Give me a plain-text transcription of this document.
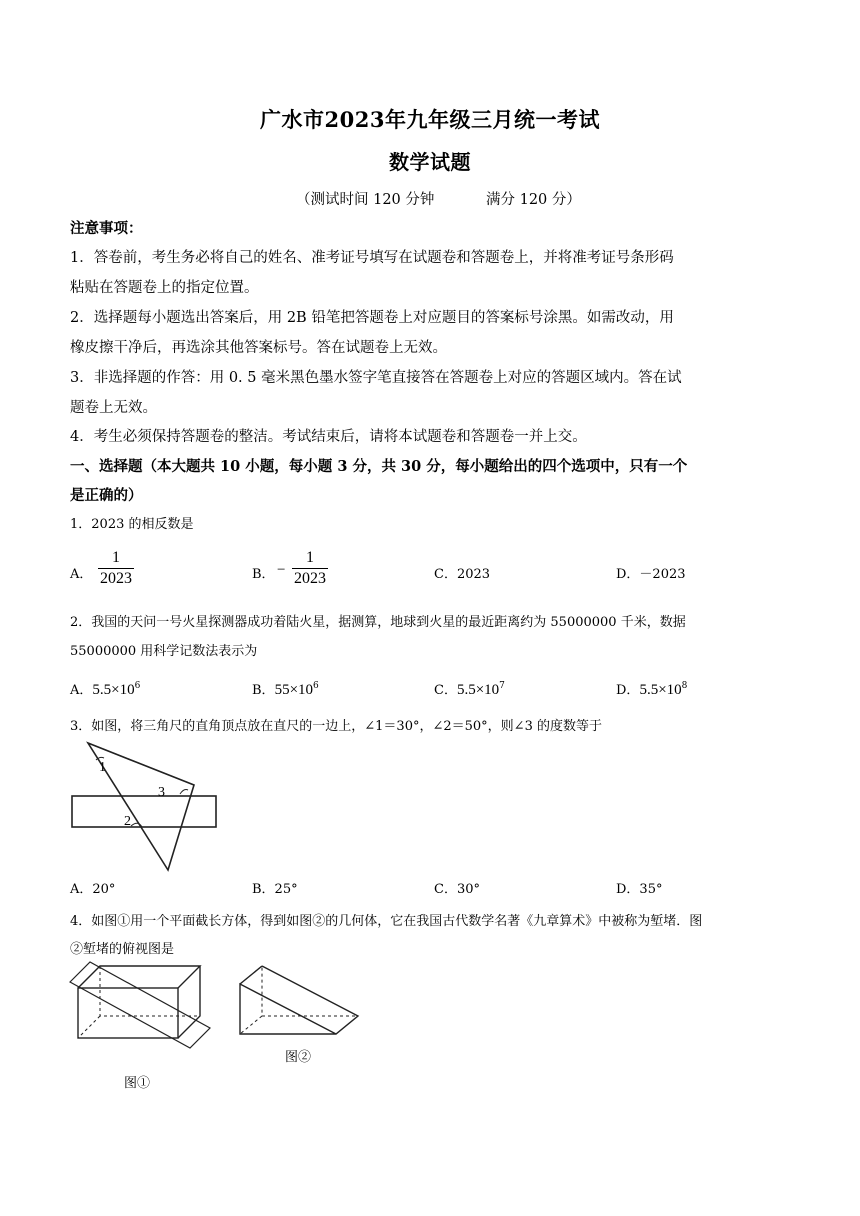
广水市2023年九年级三月统一考试
数学试题
（测试时间 120 分钟	满分 120 分）
注意事项：
1．答卷前，考生务必将自己的姓名、准考证号填写在试题卷和答题卷上，并将准考证号条形码
粘贴在答题卷上的指定位置。
2．选择题每小题选出答案后，用 2B 铅笔把答题卷上对应题目的答案标号涂黑。如需改动，用
橡皮擦干净后，再选涂其他答案标号。答在试题卷上无效。
3．非选择题的作答：用 0. 5 毫米黑色墨水签字笔直接答在答题卷上对应的答题区域内。答在试
题卷上无效。
4．考生必须保持答题卷的整洁。考试结束后，请将本试题卷和答题卷一并上交。
一、选择题（本大题共 10 小题，每小题 3 分，共 30 分，每小题给出的四个选项中，只有一个
是正确的）
1．2023 的相反数是
A．
1
2023	B． −
1
2023	C．2023	D．－2023
2．我国的天问一号火星探测器成功着陆火星，据测算，地球到火星的最近距离约为 55000000 千米，数据
55000000 用科学记数法表示为
A．$5.5\times 10^6$	B．$55\times 10^6$	C．$5.5\times 10^7$	D．$5.5\times 10^8$
3．如图，将三角尺的直角顶点放在直尺的一边上，∠1＝30°，∠2＝50°，则∠3 的度数等于
1
3
2
A．20°	B．25°	C．30°	D．35°
4．如图①用一个平面截长方体，得到如图②的几何体，它在我国古代数学名著《九章算术》中被称为堑堵．图
②堑堵的俯视图是
图①
图②
